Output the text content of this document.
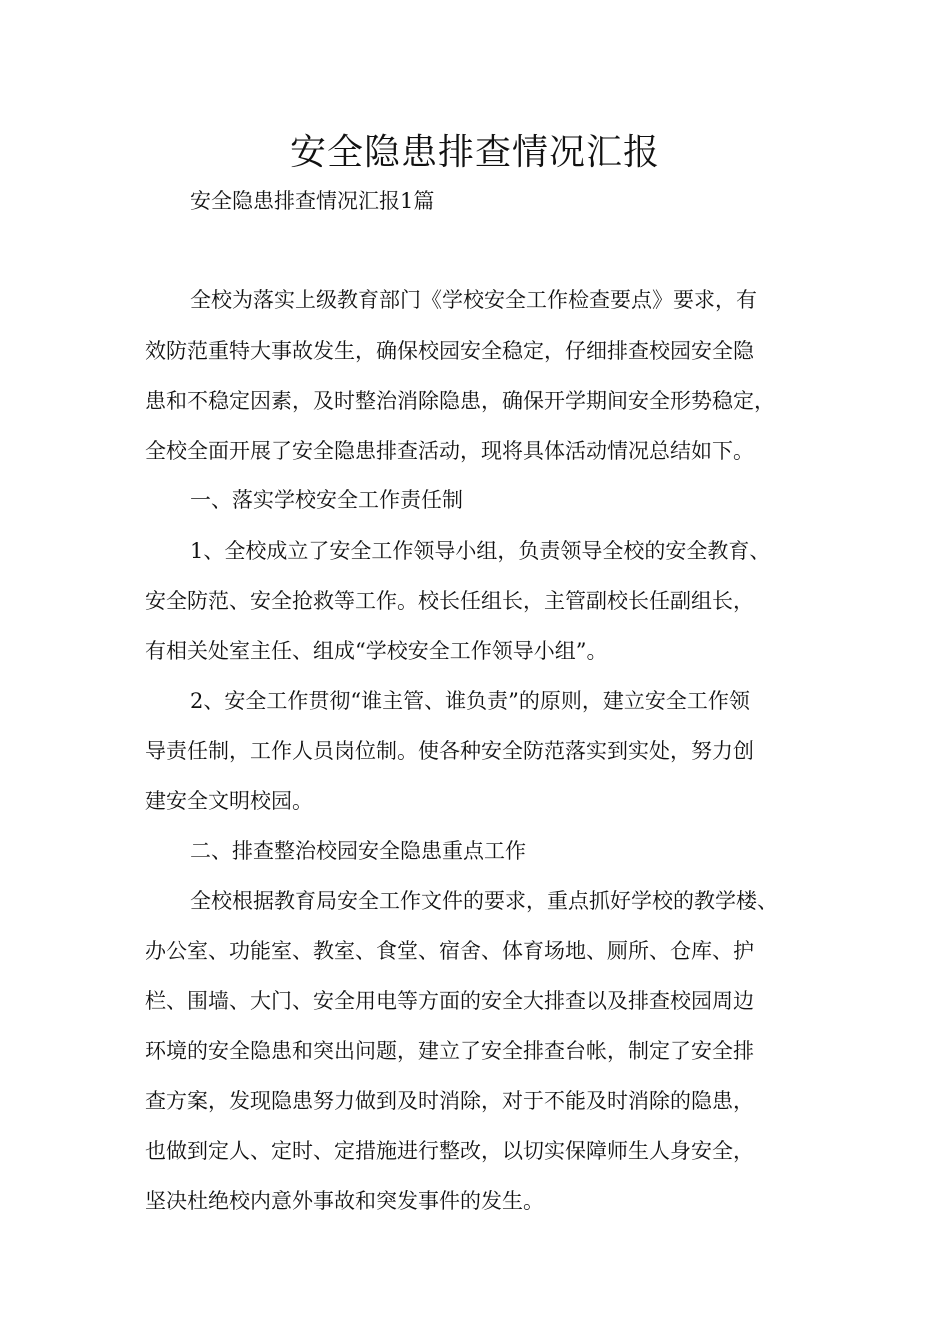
安全隐患排查情况汇报
安全隐患排查情况汇报1篇
全校为落实上级教育部门《学校安全工作检查要点》要求，有
效防范重特大事故发生，确保校园安全稳定，仔细排查校园安全隐
患和不稳定因素，及时整治消除隐患，确保开学期间安全形势稳定，
全校全面开展了安全隐患排查活动，现将具体活动情况总结如下。
一、落实学校安全工作责任制
1、全校成立了安全工作领导小组，负责领导全校的安全教育、
安全防范、安全抢救等工作。校长任组长，主管副校长任副组长，
有相关处室主任、组成“学校安全工作领导小组”。
2、安全工作贯彻“谁主管、谁负责”的原则，建立安全工作领
导责任制，工作人员岗位制。使各种安全防范落实到实处，努力创
建安全文明校园。
二、排查整治校园安全隐患重点工作
全校根据教育局安全工作文件的要求，重点抓好学校的教学楼、
办公室、功能室、教室、食堂、宿舍、体育场地、厕所、仓库、护
栏、围墙、大门、安全用电等方面的安全大排查以及排查校园周边
环境的安全隐患和突出问题，建立了安全排查台帐，制定了安全排
查方案，发现隐患努力做到及时消除，对于不能及时消除的隐患，
也做到定人、定时、定措施进行整改，以切实保障师生人身安全，
坚决杜绝校内意外事故和突发事件的发生。
